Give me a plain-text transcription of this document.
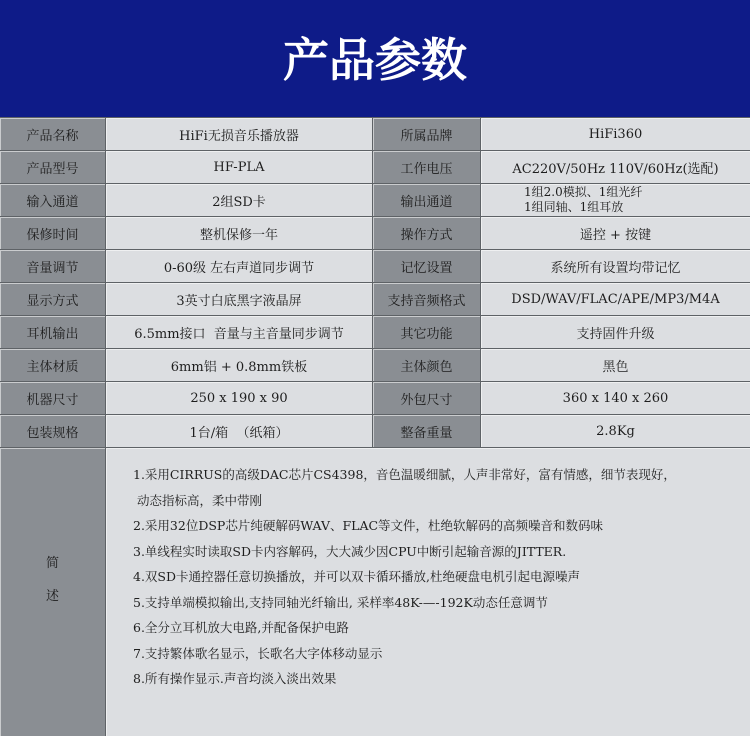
产品参数
产品名称	HiFi无损音乐播放器	所属品牌	HiFi360
产品型号	HF-PLA	工作电压	AC220V/50Hz 110V/60Hz(选配)
输入通道	2组SD卡	输出通道
1组2.0模拟、1组光纤
1组同轴、1组耳放
保修时间	整机保修一年	操作方式	遥控 + 按键
音量调节	0-60级 左右声道同步调节	记忆设置	系统所有设置均带记忆
显示方式	3英寸白底黑字液晶屏	支持音频格式	DSD/WAV/FLAC/APE/MP3/M4A
耳机输出	6.5mm接口  音量与主音量同步调节	其它功能	支持固件升级
主体材质	6mm铝 + 0.8mm铁板	主体颜色	黑色
机器尺寸	250 x 190 x 90	外包尺寸	360 x 140 x 260
包装规格	1台/箱  （纸箱）	整备重量	2.8Kg
简
述
1.采用CIRRUS的高级DAC芯片CS4398，音色温暖细腻，人声非常好，富有情感，细节表现好，
动态指标高，柔中带刚
2.采用32位DSP芯片纯硬解码WAV、FLAC等文件，杜绝软解码的高频噪音和数码味
3.单线程实时读取SD卡内容解码，大大减少因CPU中断引起输音源的JITTER.
4.双SD卡通控器任意切换播放，并可以双卡循环播放,杜绝硬盘电机引起电源噪声
5.支持单端模拟输出,支持同轴光纤输出, 采样率48K-—-192K动态任意调节
6.全分立耳机放大电路,并配备保护电路
7.支持繁体歌名显示，长歌名大字体移动显示
8.所有操作显示.声音均淡入淡出效果
